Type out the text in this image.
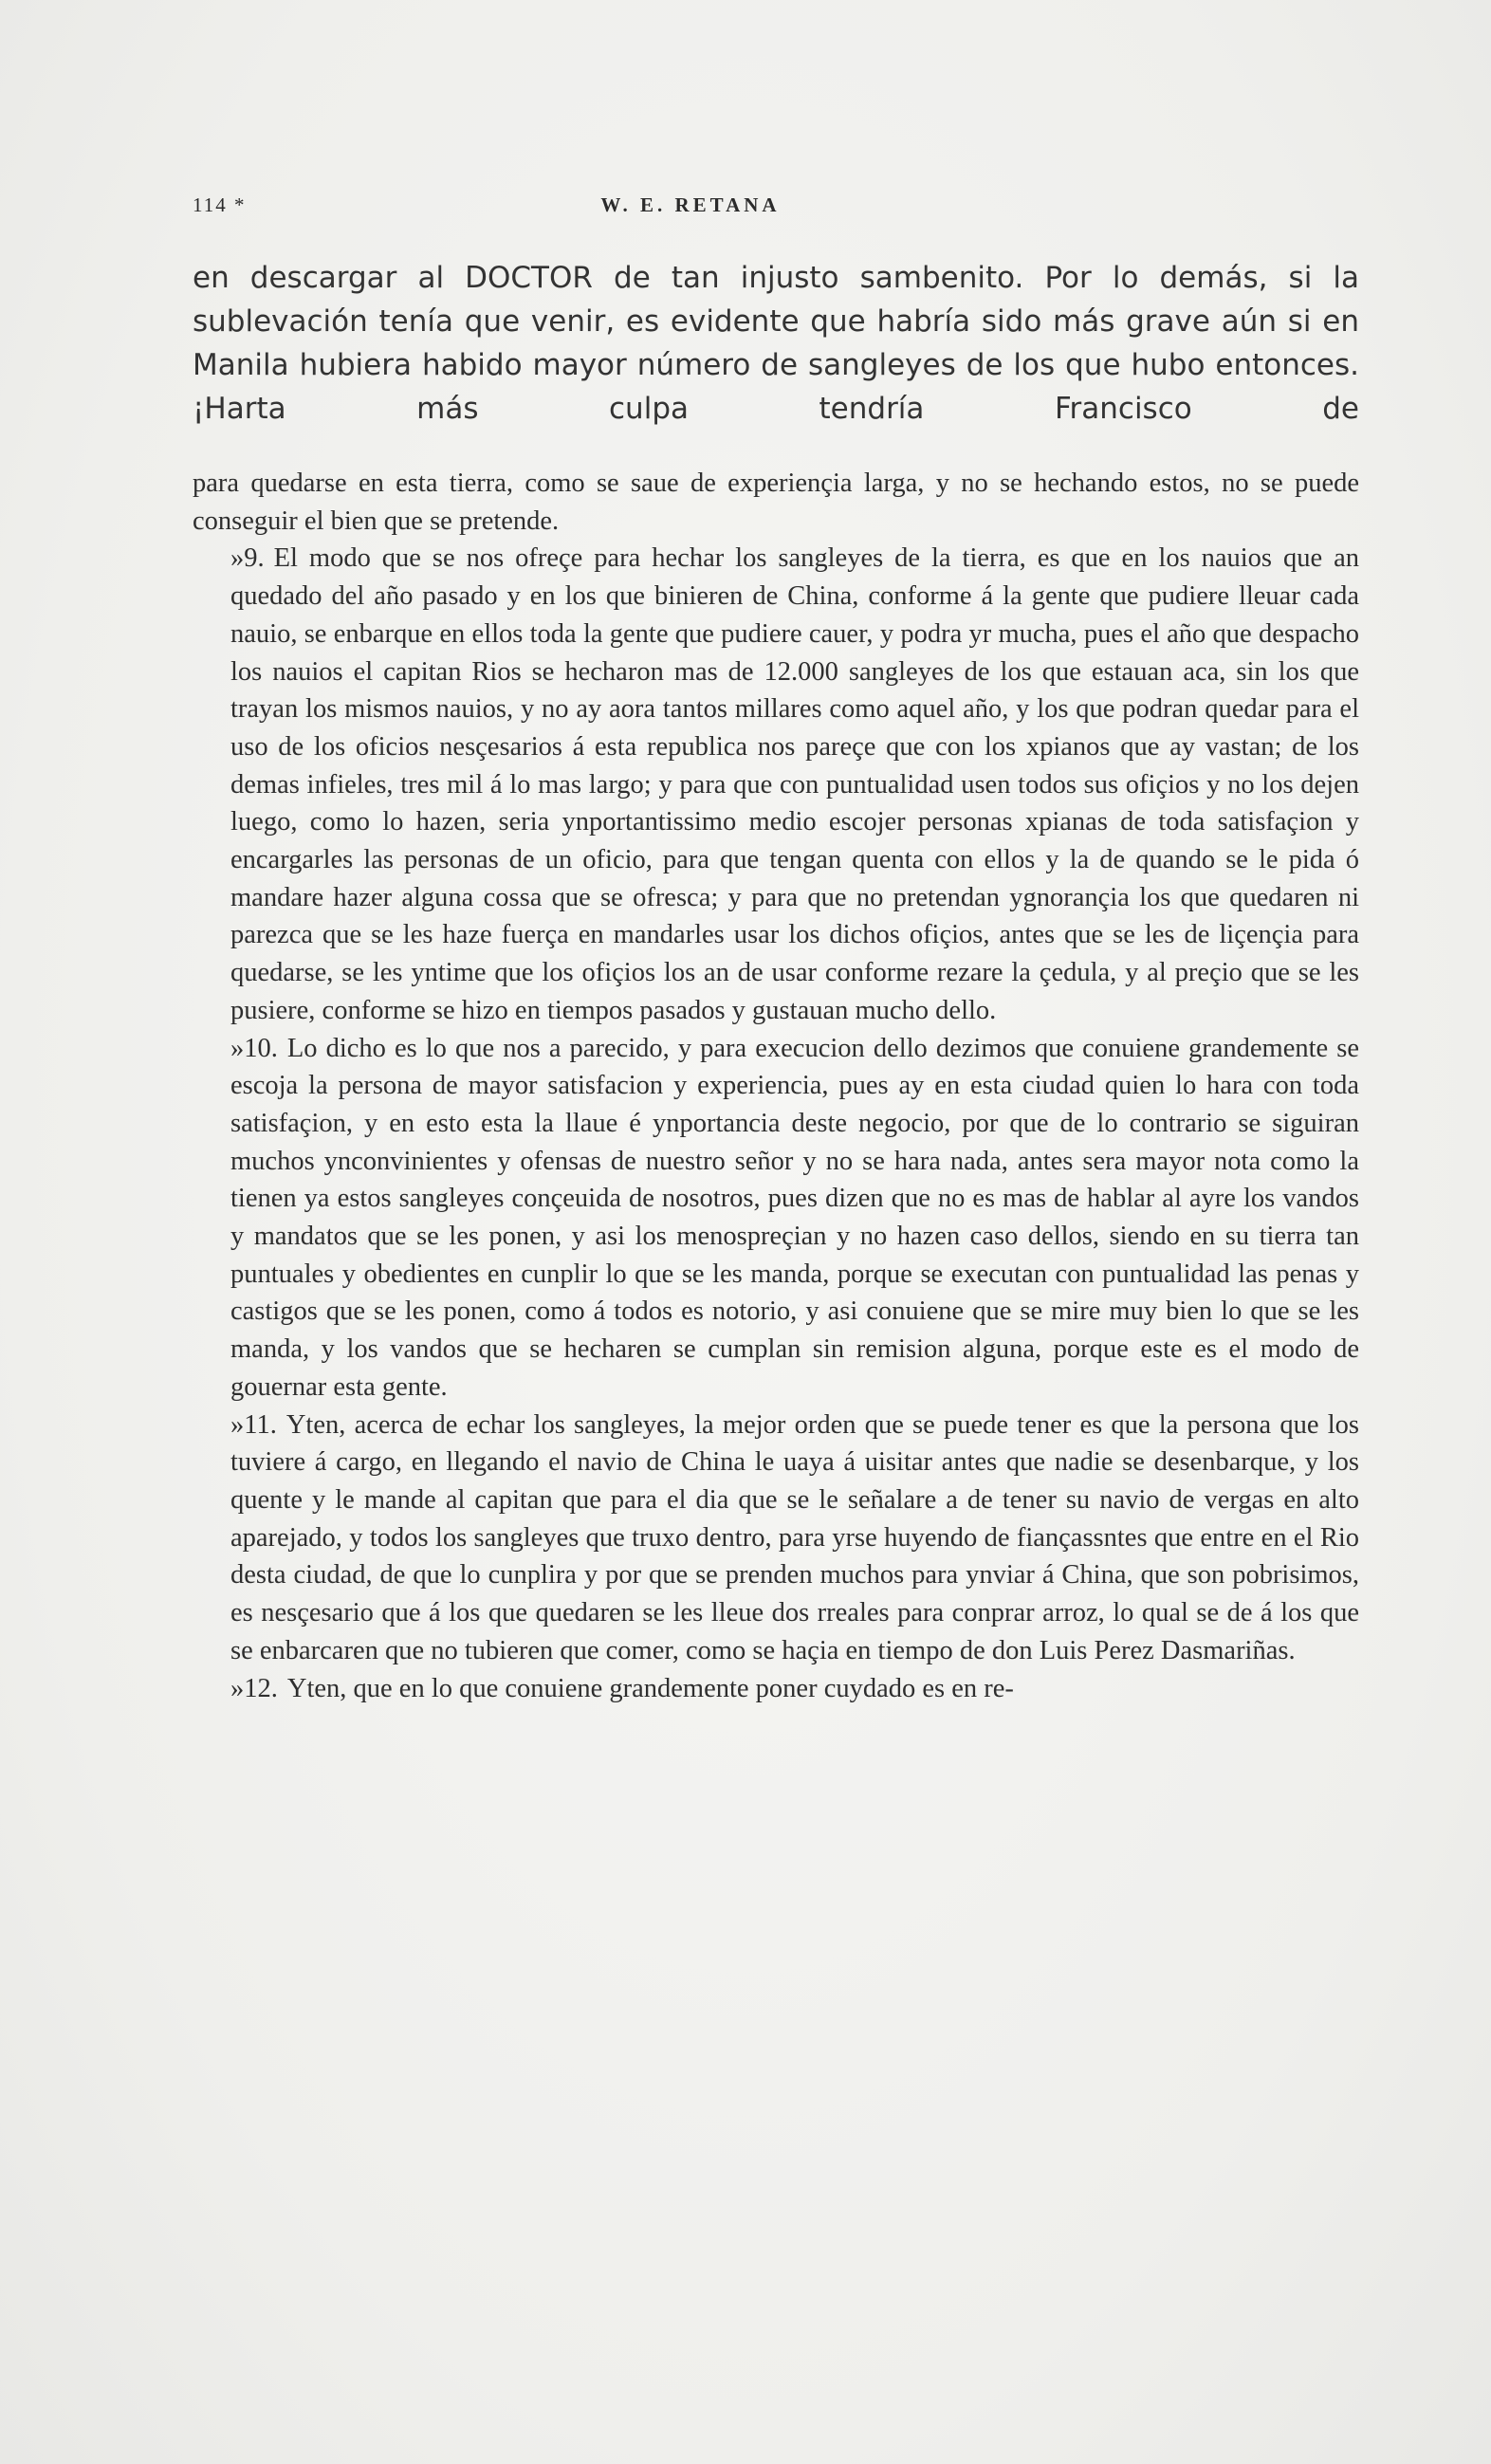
114 *	W. E. RETANA

en descargar al DOCTOR de tan injusto sambenito. Por lo demás, si la sublevación tenía que venir, es evidente que habría sido más grave aún si en Manila hubiera habido mayor número de sangleyes de los que hubo entonces. ¡Harta más culpa tendría Francisco de

para quedarse en esta tierra, como se saue de experiençia larga, y no se hechando estos, no se puede conseguir el bien que se pretende.

»9. El modo que se nos ofreçe para hechar los sangleyes de la tierra, es que en los nauios que an quedado del año pasado y en los que binieren de China, conforme á la gente que pudiere lleuar cada nauio, se enbarque en ellos toda la gente que pudiere cauer, y podra yr mucha, pues el año que despacho los nauios el capitan Rios se hecharon mas de 12.000 sangleyes de los que estauan aca, sin los que trayan los mismos nauios, y no ay aora tantos millares como aquel año, y los que podran quedar para el uso de los oficios nesçesarios á esta republica nos pareçe que con los xpianos que ay vastan; de los demas infieles, tres mil á lo mas largo; y para que con puntualidad usen todos sus ofiçios y no los dejen luego, como lo hazen, seria ynportantissimo medio escojer personas xpianas de toda satisfaçion y encargarles las personas de un oficio, para que tengan quenta con ellos y la de quando se le pida ó mandare hazer alguna cossa que se ofresca; y para que no pretendan ygnorançia los que quedaren ni parezca que se les haze fuerça en mandarles usar los dichos ofiçios, antes que se les de liçençia para quedarse, se les yntime que los ofiçios los an de usar conforme rezare la çedula, y al preçio que se les pusiere, conforme se hizo en tiempos pasados y gustauan mucho dello.

»10. Lo dicho es lo que nos a parecido, y para execucion dello dezimos que conuiene grandemente se escoja la persona de mayor satisfacion y experiencia, pues ay en esta ciudad quien lo hara con toda satisfaçion, y en esto esta la llaue é ynportancia deste negocio, por que de lo contrario se siguiran muchos ynconvinientes y ofensas de nuestro señor y no se hara nada, antes sera mayor nota como la tienen ya estos sangleyes conçeuida de nosotros, pues dizen que no es mas de hablar al ayre los vandos y mandatos que se les ponen, y asi los menospreçian y no hazen caso dellos, siendo en su tierra tan puntuales y obedientes en cunplir lo que se les manda, porque se executan con puntualidad las penas y castigos que se les ponen, como á todos es notorio, y asi conuiene que se mire muy bien lo que se les manda, y los vandos que se hecharen se cumplan sin remision alguna, porque este es el modo de gouernar esta gente.

»11. Yten, acerca de echar los sangleyes, la mejor orden que se puede tener es que la persona que los tuviere á cargo, en llegando el navio de China le uaya á uisitar antes que nadie se desenbarque, y los quente y le mande al capitan que para el dia que se le señalare a de tener su navio de vergas en alto aparejado, y todos los sangleyes que truxo dentro, para yrse huyendo de fiançassntes que entre en el Rio desta ciudad, de que lo cunplira y por que se prenden muchos para ynviar á China, que son pobrisimos, es nesçesario que á los que quedaren se les lleue dos rreales para conprar arroz, lo qual se de á los que se enbarcaren que no tubieren que comer, como se haçia en tiempo de don Luis Perez Dasmariñas.

»12. Yten, que en lo que conuiene grandemente poner cuydado es en re-
